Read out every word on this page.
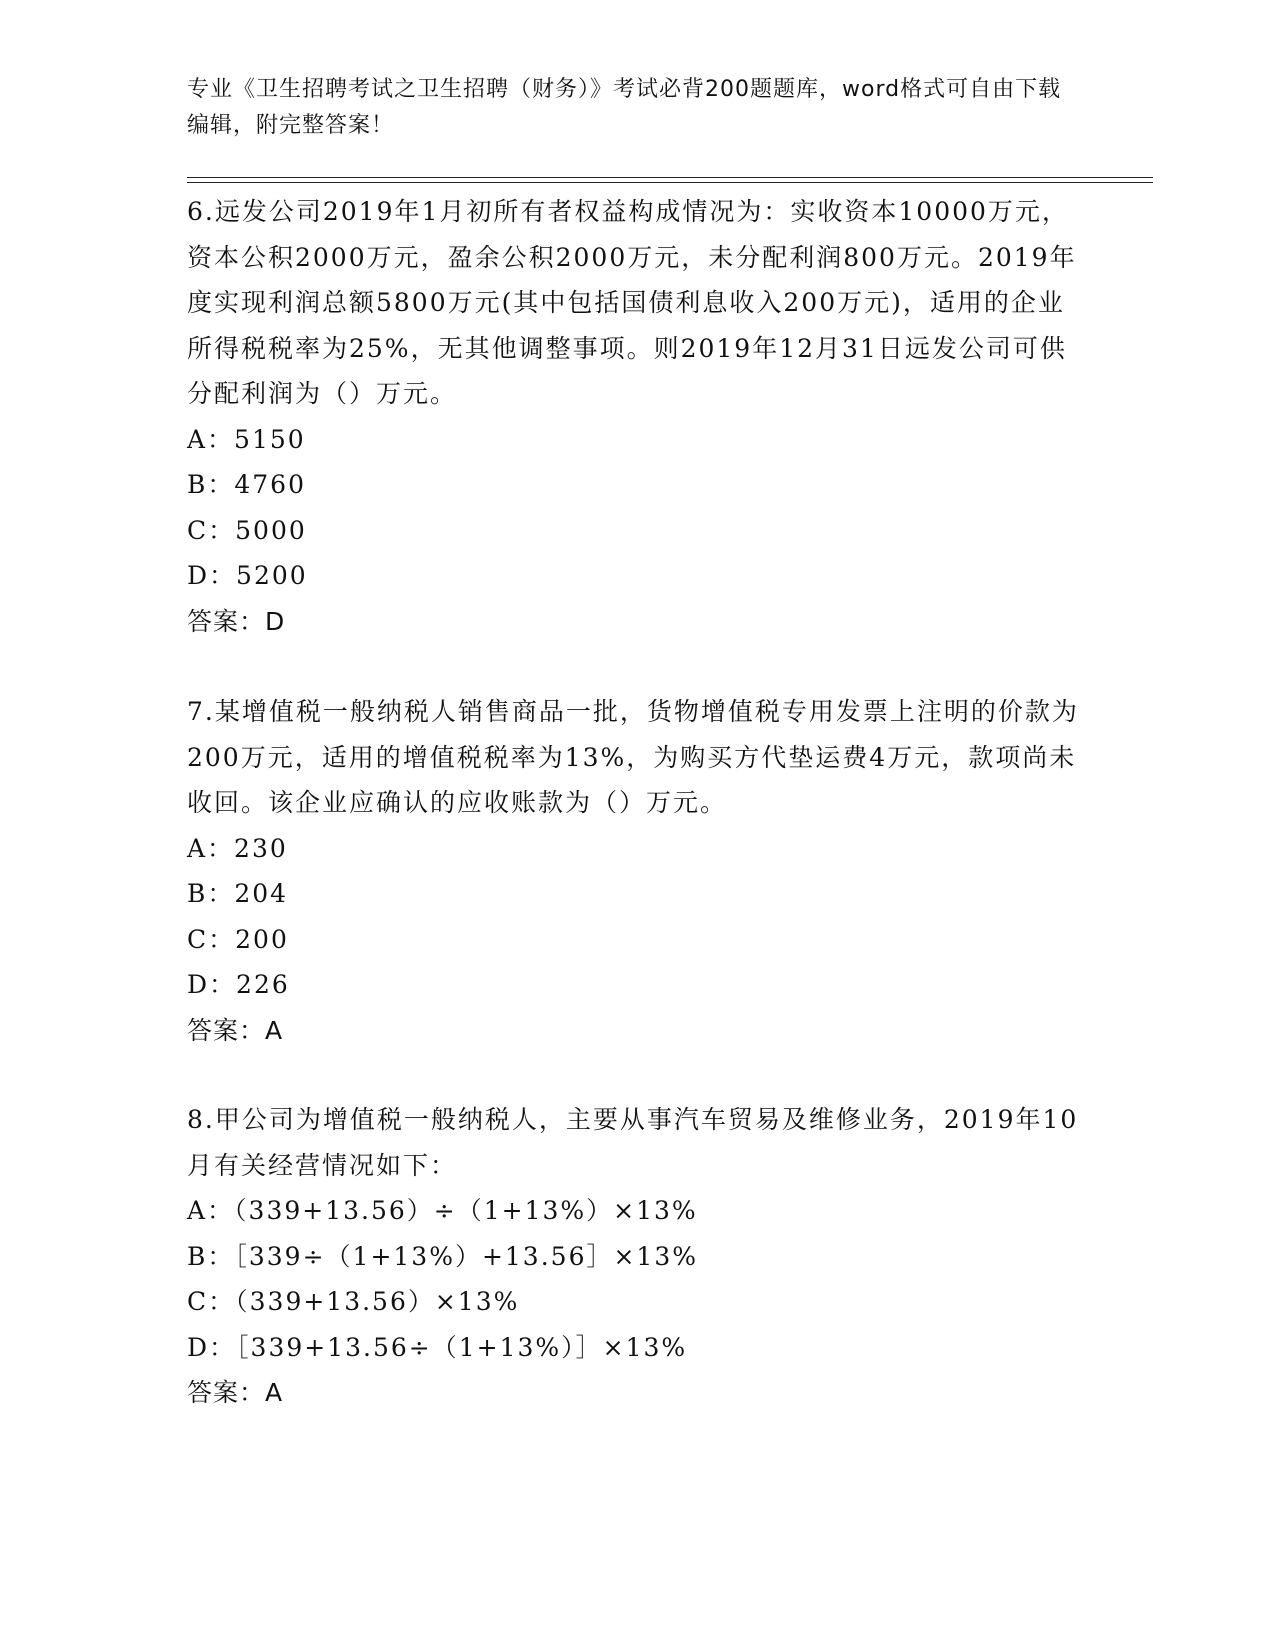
专业《卫生招聘考试之卫生招聘（财务）》考试必背200题题库，word格式可自由下载编辑，附完整答案！
6.远发公司2019年1月初所有者权益构成情况为：实收资本10000万元，资本公积2000万元，盈余公积2000万元，未分配利润800万元。2019年度实现利润总额5800万元(其中包括国债利息收入200万元)，适用的企业所得税税率为25%，无其他调整事项。则2019年12月31日远发公司可供分配利润为（）万元。
A：5150
B：4760
C：5000
D：5200
答案：D
7.某增值税一般纳税人销售商品一批，货物增值税专用发票上注明的价款为200万元，适用的增值税税率为13%，为购买方代垫运费4万元，款项尚未收回。该企业应确认的应收账款为（）万元。
A：230
B：204
C：200
D：226
答案：A
8.甲公司为增值税一般纳税人，主要从事汽车贸易及维修业务，2019年10月有关经营情况如下：
A：（339+13.56）÷（1+13%）×13%
B：［339÷（1+13%）+13.56］×13%
C：（339+13.56）×13%
D：［339+13.56÷（1+13%）］×13%
答案：A
